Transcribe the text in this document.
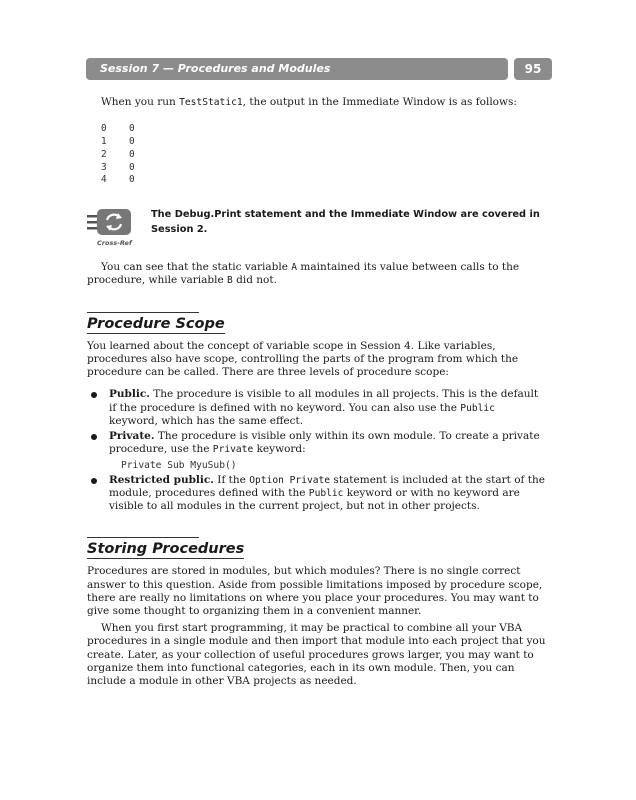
Session 7 — Procedures and Modules	95

When you run TestStatic1, the output in the Immediate Window is as follows:

0	0
1	0
2	0
3	0
4	0
Cross-Ref
The Debug.Print statement and the Immediate Window are covered in
Session 2.

You can see that the static variable A maintained its value between calls to the procedure, while variable B did not.

Procedure Scope

You learned about the concept of variable scope in Session 4. Like variables, procedures also have scope, controlling the parts of the program from which the procedure can be called. There are three levels of procedure scope:

Public. The procedure is visible to all modules in all projects. This is the default if the procedure is defined with no keyword. You can also use the Public keyword, which has the same effect.
Private. The procedure is visible only within its own module. To create a private procedure, use the Private keyword:
Private Sub MyuSub()
Restricted public. If the Option Private statement is included at the start of the module, procedures defined with the Public keyword or with no keyword are visible to all modules in the current project, but not in other projects.
Storing Procedures

Procedures are stored in modules, but which modules? There is no single correct answer to this question. Aside from possible limitations imposed by procedure scope, there are really no limitations on where you place your procedures. You may want to give some thought to organizing them in a convenient manner.

When you first start programming, it may be practical to combine all your VBA procedures in a single module and then import that module into each project that you create. Later, as your collection of useful procedures grows larger, you may want to organize them into functional categories, each in its own module. Then, you can include a module in other VBA projects as needed.
